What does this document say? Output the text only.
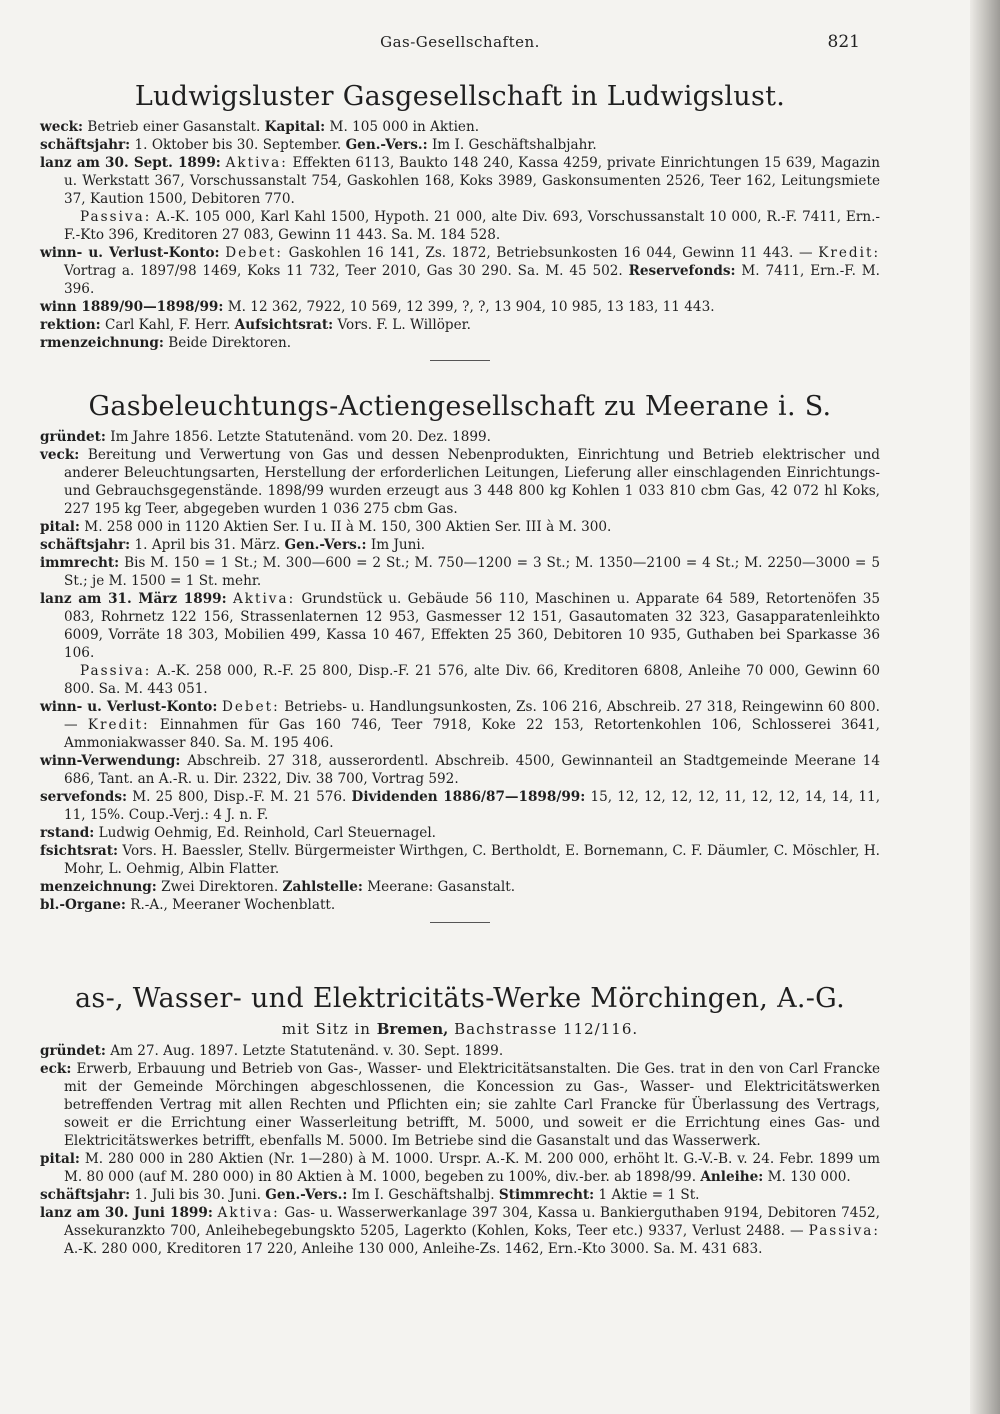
Gas-Gesellschaften.	821
Ludwigsluster Gasgesellschaft in Ludwigslust.

weck: Betrieb einer Gasanstalt. Kapital: M. 105 000 in Aktien.

schäftsjahr: 1. Oktober bis 30. September. Gen.-Vers.: Im I. Geschäftshalbjahr.

lanz am 30. Sept. 1899: Aktiva: Effekten 6113, Baukto 148 240, Kassa 4259, private Einrichtungen 15 639, Magazin u. Werkstatt 367, Vorschussanstalt 754, Gaskohlen 168, Koks 3989, Gaskonsumenten 2526, Teer 162, Leitungsmiete 37, Kaution 1500, Debitoren 770.

Passiva: A.-K. 105 000, Karl Kahl 1500, Hypoth. 21 000, alte Div. 693, Vorschussanstalt 10 000, R.-F. 7411, Ern.-F.-Kto 396, Kreditoren 27 083, Gewinn 11 443. Sa. M. 184 528.

winn- u. Verlust-Konto: Debet: Gaskohlen 16 141, Zs. 1872, Betriebsunkosten 16 044, Gewinn 11 443. — Kredit: Vortrag a. 1897/98 1469, Koks 11 732, Teer 2010, Gas 30 290. Sa. M. 45 502. Reservefonds: M. 7411, Ern.-F. M. 396.

winn 1889/90—1898/99: M. 12 362, 7922, 10 569, 12 399, ?, ?, 13 904, 10 985, 13 183, 11 443.

rektion: Carl Kahl, F. Herr. Aufsichtsrat: Vors. F. L. Willöper.

rmenzeichnung: Beide Direktoren.

Gasbeleuchtungs-Actiengesellschaft zu Meerane i. S.

gründet: Im Jahre 1856. Letzte Statutenänd. vom 20. Dez. 1899.

veck: Bereitung und Verwertung von Gas und dessen Nebenprodukten, Einrichtung und Betrieb elektrischer und anderer Beleuchtungsarten, Herstellung der erforderlichen Leitungen, Lieferung aller einschlagenden Einrichtungs- und Gebrauchsgegenstände. 1898/99 wurden erzeugt aus 3 448 800 kg Kohlen 1 033 810 cbm Gas, 42 072 hl Koks, 227 195 kg Teer, abgegeben wurden 1 036 275 cbm Gas.

pital: M. 258 000 in 1120 Aktien Ser. I u. II à M. 150, 300 Aktien Ser. III à M. 300.

schäftsjahr: 1. April bis 31. März. Gen.-Vers.: Im Juni.

immrecht: Bis M. 150 = 1 St.; M. 300—600 = 2 St.; M. 750—1200 = 3 St.; M. 1350—2100 = 4 St.; M. 2250—3000 = 5 St.; je M. 1500 = 1 St. mehr.

lanz am 31. März 1899: Aktiva: Grundstück u. Gebäude 56 110, Maschinen u. Apparate 64 589, Retortenöfen 35 083, Rohrnetz 122 156, Strassenlaternen 12 953, Gasmesser 12 151, Gasautomaten 32 323, Gasapparatenleihkto 6009, Vorräte 18 303, Mobilien 499, Kassa 10 467, Effekten 25 360, Debitoren 10 935, Guthaben bei Sparkasse 36 106.

Passiva: A.-K. 258 000, R.-F. 25 800, Disp.-F. 21 576, alte Div. 66, Kreditoren 6808, Anleihe 70 000, Gewinn 60 800. Sa. M. 443 051.

winn- u. Verlust-Konto: Debet: Betriebs- u. Handlungsunkosten, Zs. 106 216, Abschreib. 27 318, Reingewinn 60 800. — Kredit: Einnahmen für Gas 160 746, Teer 7918, Koke 22 153, Retortenkohlen 106, Schlosserei 3641, Ammoniakwasser 840. Sa. M. 195 406.

winn-Verwendung: Abschreib. 27 318, ausserordentl. Abschreib. 4500, Gewinnanteil an Stadtgemeinde Meerane 14 686, Tant. an A.-R. u. Dir. 2322, Div. 38 700, Vortrag 592.

servefonds: M. 25 800, Disp.-F. M. 21 576. Dividenden 1886/87—1898/99: 15, 12, 12, 12, 12, 11, 12, 12, 14, 14, 11, 11, 15%. Coup.-Verj.: 4 J. n. F.

rstand: Ludwig Oehmig, Ed. Reinhold, Carl Steuernagel.

fsichtsrat: Vors. H. Baessler, Stellv. Bürgermeister Wirthgen, C. Bertholdt, E. Bornemann, C. F. Däumler, C. Möschler, H. Mohr, L. Oehmig, Albin Flatter.

menzeichnung: Zwei Direktoren. Zahlstelle: Meerane: Gasanstalt.

bl.-Organe: R.-A., Meeraner Wochenblatt.

as-, Wasser- und Elektricitäts-Werke Mörchingen, A.-G.
mit Sitz in Bremen, Bachstrasse 112/116.

gründet: Am 27. Aug. 1897. Letzte Statutenänd. v. 30. Sept. 1899.

eck: Erwerb, Erbauung und Betrieb von Gas-, Wasser- und Elektricitätsanstalten. Die Ges. trat in den von Carl Francke mit der Gemeinde Mörchingen abgeschlossenen, die Koncession zu Gas-, Wasser- und Elektricitätswerken betreffenden Vertrag mit allen Rechten und Pflichten ein; sie zahlte Carl Francke für Überlassung des Vertrags, soweit er die Errichtung einer Wasserleitung betrifft, M. 5000, und soweit er die Errichtung eines Gas- und Elektricitätswerkes betrifft, ebenfalls M. 5000. Im Betriebe sind die Gasanstalt und das Wasserwerk.

pital: M. 280 000 in 280 Aktien (Nr. 1—280) à M. 1000. Urspr. A.-K. M. 200 000, erhöht lt. G.-V.-B. v. 24. Febr. 1899 um M. 80 000 (auf M. 280 000) in 80 Aktien à M. 1000, begeben zu 100%, div.-ber. ab 1898/99. Anleihe: M. 130 000.

schäftsjahr: 1. Juli bis 30. Juni. Gen.-Vers.: Im I. Geschäftshalbj. Stimmrecht: 1 Aktie = 1 St.

lanz am 30. Juni 1899: Aktiva: Gas- u. Wasserwerkanlage 397 304, Kassa u. Bankierguthaben 9194, Debitoren 7452, Assekuranzkto 700, Anleihebegebungskto 5205, Lagerkto (Kohlen, Koks, Teer etc.) 9337, Verlust 2488. — Passiva: A.-K. 280 000, Kreditoren 17 220, Anleihe 130 000, Anleihe-Zs. 1462, Ern.-Kto 3000. Sa. M. 431 683.
